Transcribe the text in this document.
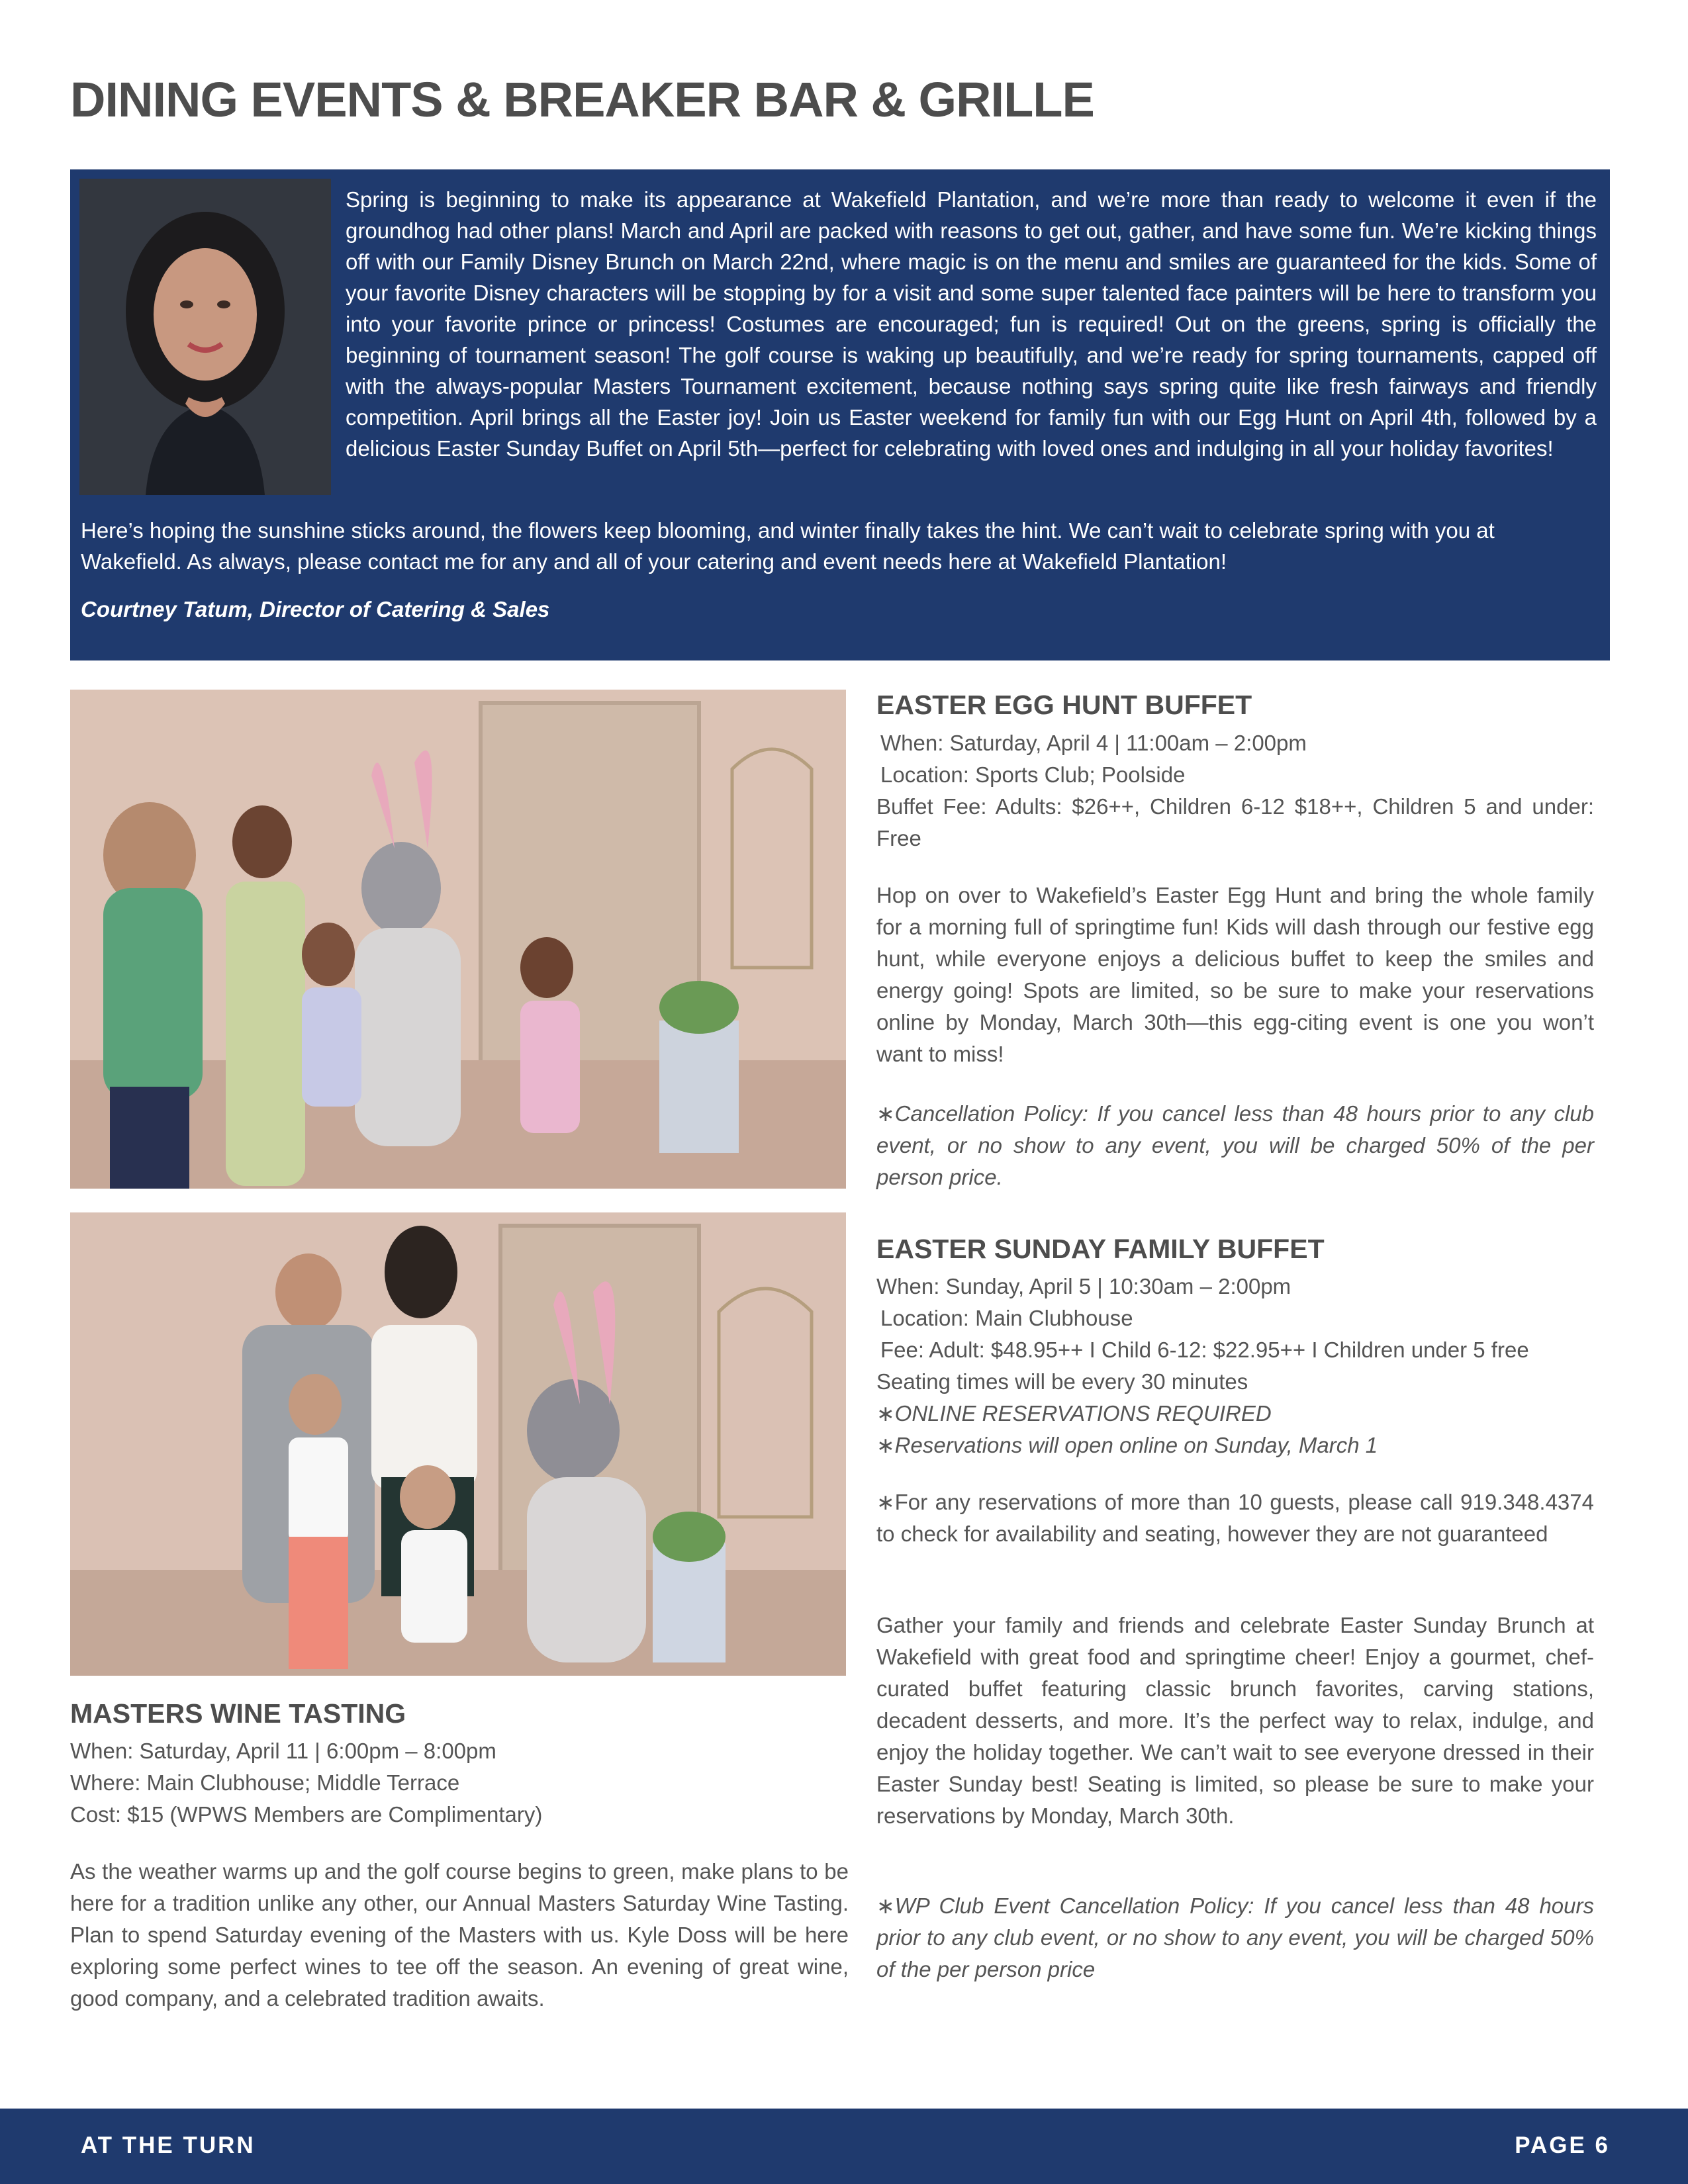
DINING EVENTS & BREAKER BAR & GRILLE

Spring is beginning to make its appearance at Wakefield Plantation, and we’re more than ready to welcome it even if the groundhog had other plans! March and April are packed with reasons to get out, gather, and have some fun. We’re kicking things off with our Family Disney Brunch on March 22nd, where magic is on the menu and smiles are guaranteed for the kids. Some of your favorite Disney characters will be stopping by for a visit and some super talented face painters will be here to transform you into your favorite prince or princess! Costumes are encouraged; fun is required! Out on the greens, spring is officially the beginning of tournament season! The golf course is waking up beautifully, and we’re ready for spring tournaments, capped off with the always-popular Masters Tournament excitement, because nothing says spring quite like fresh fairways and friendly competition. April brings all the Easter joy! Join us Easter weekend for family fun with our Egg Hunt on April 4th, followed by a delicious Easter Sunday Buffet on April 5th—perfect for celebrating with loved ones and indulging in all your holiday favorites!

Here’s hoping the sunshine sticks around, the flowers keep blooming, and winter finally takes the hint. We can’t wait to celebrate spring with you at Wakefield. As always, please contact me for any and all of your catering and event needs here at Wakefield Plantation!

Courtney Tatum, Director of Catering & Sales

EASTER EGG HUNT BUFFET

When: Saturday, April 4 | 11:00am – 2:00pm

Location: Sports Club; Poolside

Buffet Fee: Adults: $26++, Children 6-12 $18++, Children 5 and under: Free

Hop on over to Wakefield’s Easter Egg Hunt and bring the whole family for a morning full of springtime fun! Kids will dash through our festive egg hunt, while everyone enjoys a delicious buffet to keep the smiles and energy going! Spots are limited, so be sure to make your reservations online by Monday, March 30th—this egg-citing event is one you won’t want to miss!

∗Cancellation Policy: If you cancel less than 48 hours prior to any club event, or no show to any event, you will be charged 50% of the per person price.

EASTER SUNDAY FAMILY BUFFET

When: Sunday, April 5 | 10:30am – 2:00pm

Location: Main Clubhouse

Fee: Adult: $48.95++ I Child 6-12: $22.95++ I Children under 5 free

Seating times will be every 30 minutes

∗ONLINE RESERVATIONS REQUIRED

∗Reservations will open online on Sunday, March 1

∗For any reservations of more than 10 guests, please call 919.348.4374 to check for availability and seating, however they are not guaranteed

Gather your family and friends and celebrate Easter Sunday Brunch at Wakefield with great food and springtime cheer! Enjoy a gourmet, chef-curated buffet featuring classic brunch favorites, carving stations, decadent desserts, and more. It’s the perfect way to relax, indulge, and enjoy the holiday together. We can’t wait to see everyone dressed in their Easter Sunday best! Seating is limited, so please be sure to make your reservations by Monday, March 30th.

∗WP Club Event Cancellation Policy: If you cancel less than 48 hours prior to any club event, or no show to any event, you will be charged 50% of the per person price

MASTERS WINE TASTING

When: Saturday, April 11 | 6:00pm – 8:00pm

Where: Main Clubhouse; Middle Terrace

Cost: $15 (WPWS Members are Complimentary)

As the weather warms up and the golf course begins to green, make plans to be here for a tradition unlike any other, our Annual Masters Saturday Wine Tasting. Plan to spend Saturday evening of the Masters with us. Kyle Doss will be here exploring some perfect wines to tee off the season. An evening of great wine, good company, and a celebrated tradition awaits.

AT THE TURN	PAGE 6
